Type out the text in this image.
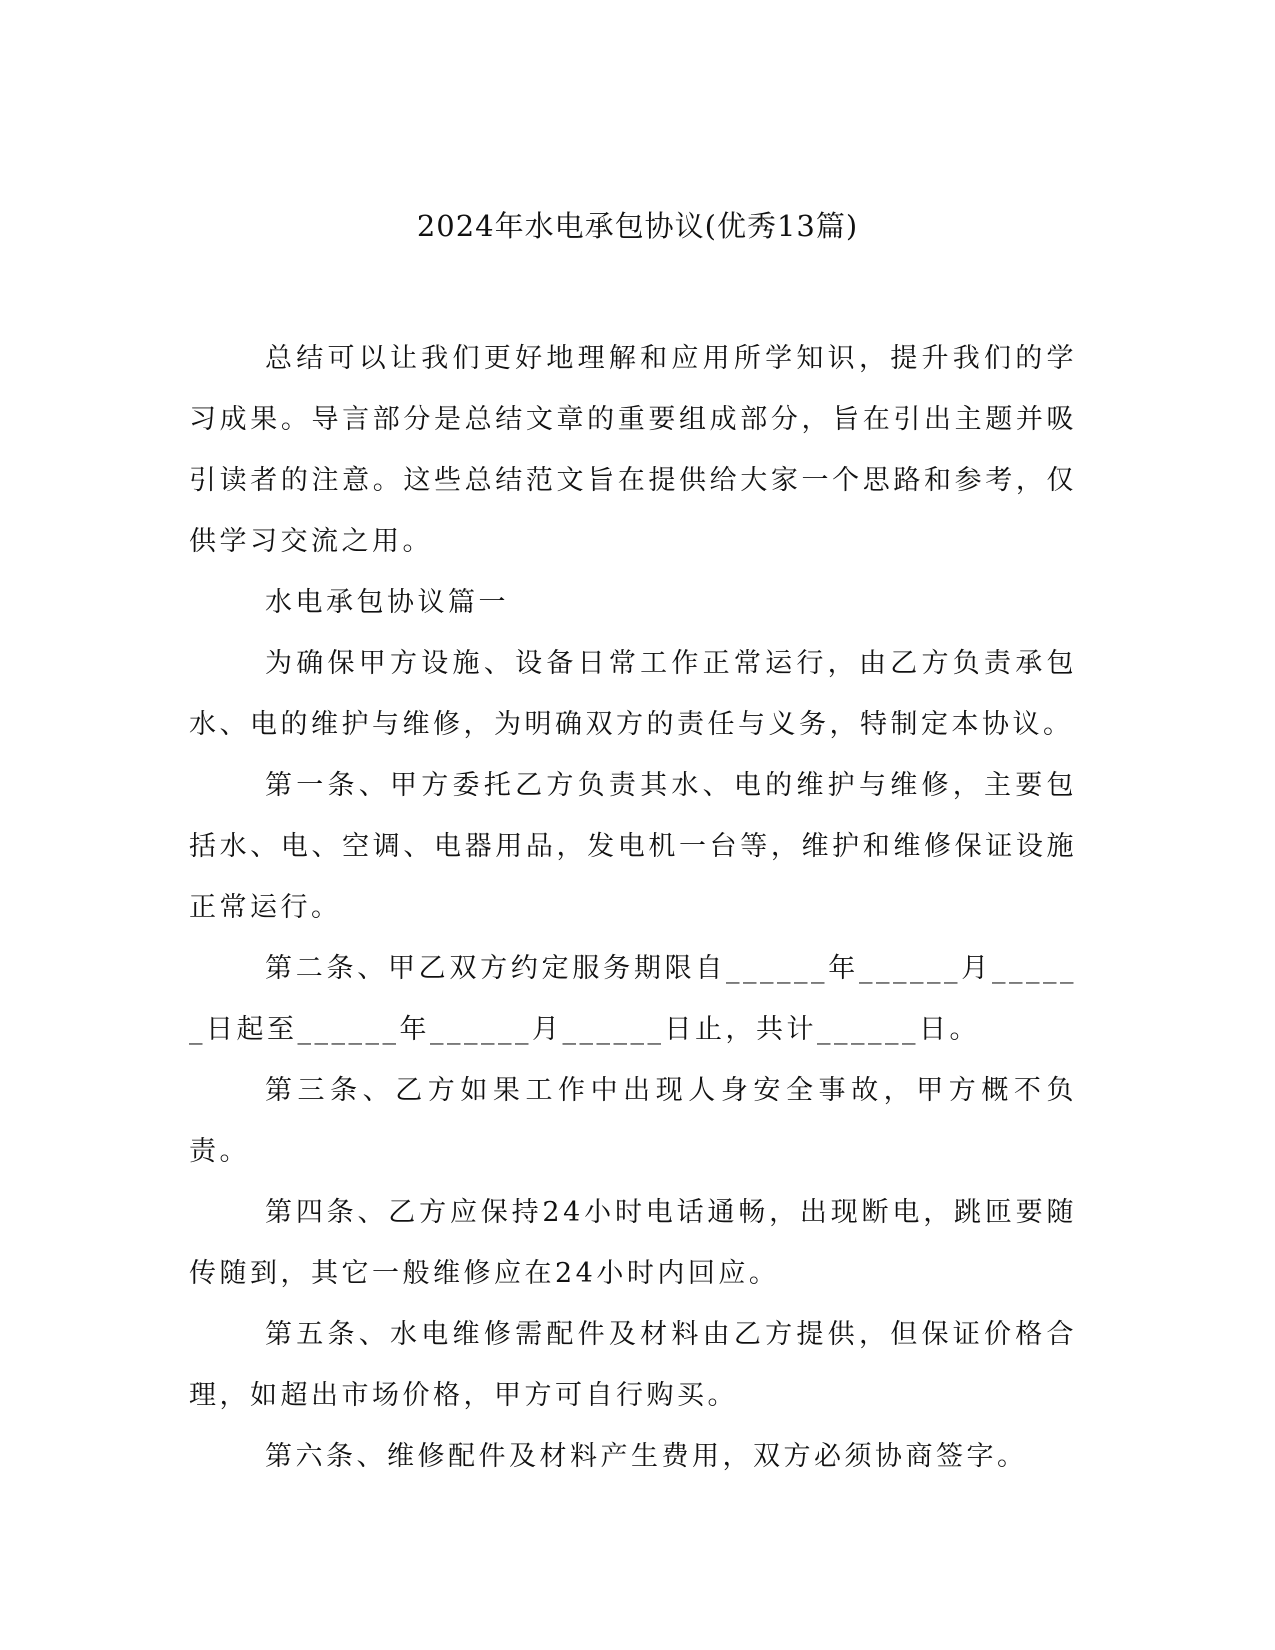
2024年水电承包协议(优秀13篇)

总结可以让我们更好地理解和应用所学知识，提升我们的学习成果。导言部分是总结文章的重要组成部分，旨在引出主题并吸引读者的注意。这些总结范文旨在提供给大家一个思路和参考，仅供学习交流之用。

水电承包协议篇一

为确保甲方设施、设备日常工作正常运行，由乙方负责承包水、电的维护与维修，为明确双方的责任与义务，特制定本协议。

第一条、甲方委托乙方负责其水、电的维护与维修，主要包括水、电、空调、电器用品，发电机一台等，维护和维修保证设施正常运行。

第二条、甲乙双方约定服务期限自______年______月______日起至______年______月______日止，共计______日。

第三条、乙方如果工作中出现人身安全事故，甲方概不负责。

第四条、乙方应保持24小时电话通畅，出现断电，跳匝要随传随到，其它一般维修应在24小时内回应。

第五条、水电维修需配件及材料由乙方提供，但保证价格合理，如超出市场价格，甲方可自行购买。

第六条、维修配件及材料产生费用，双方必须协商签字。
